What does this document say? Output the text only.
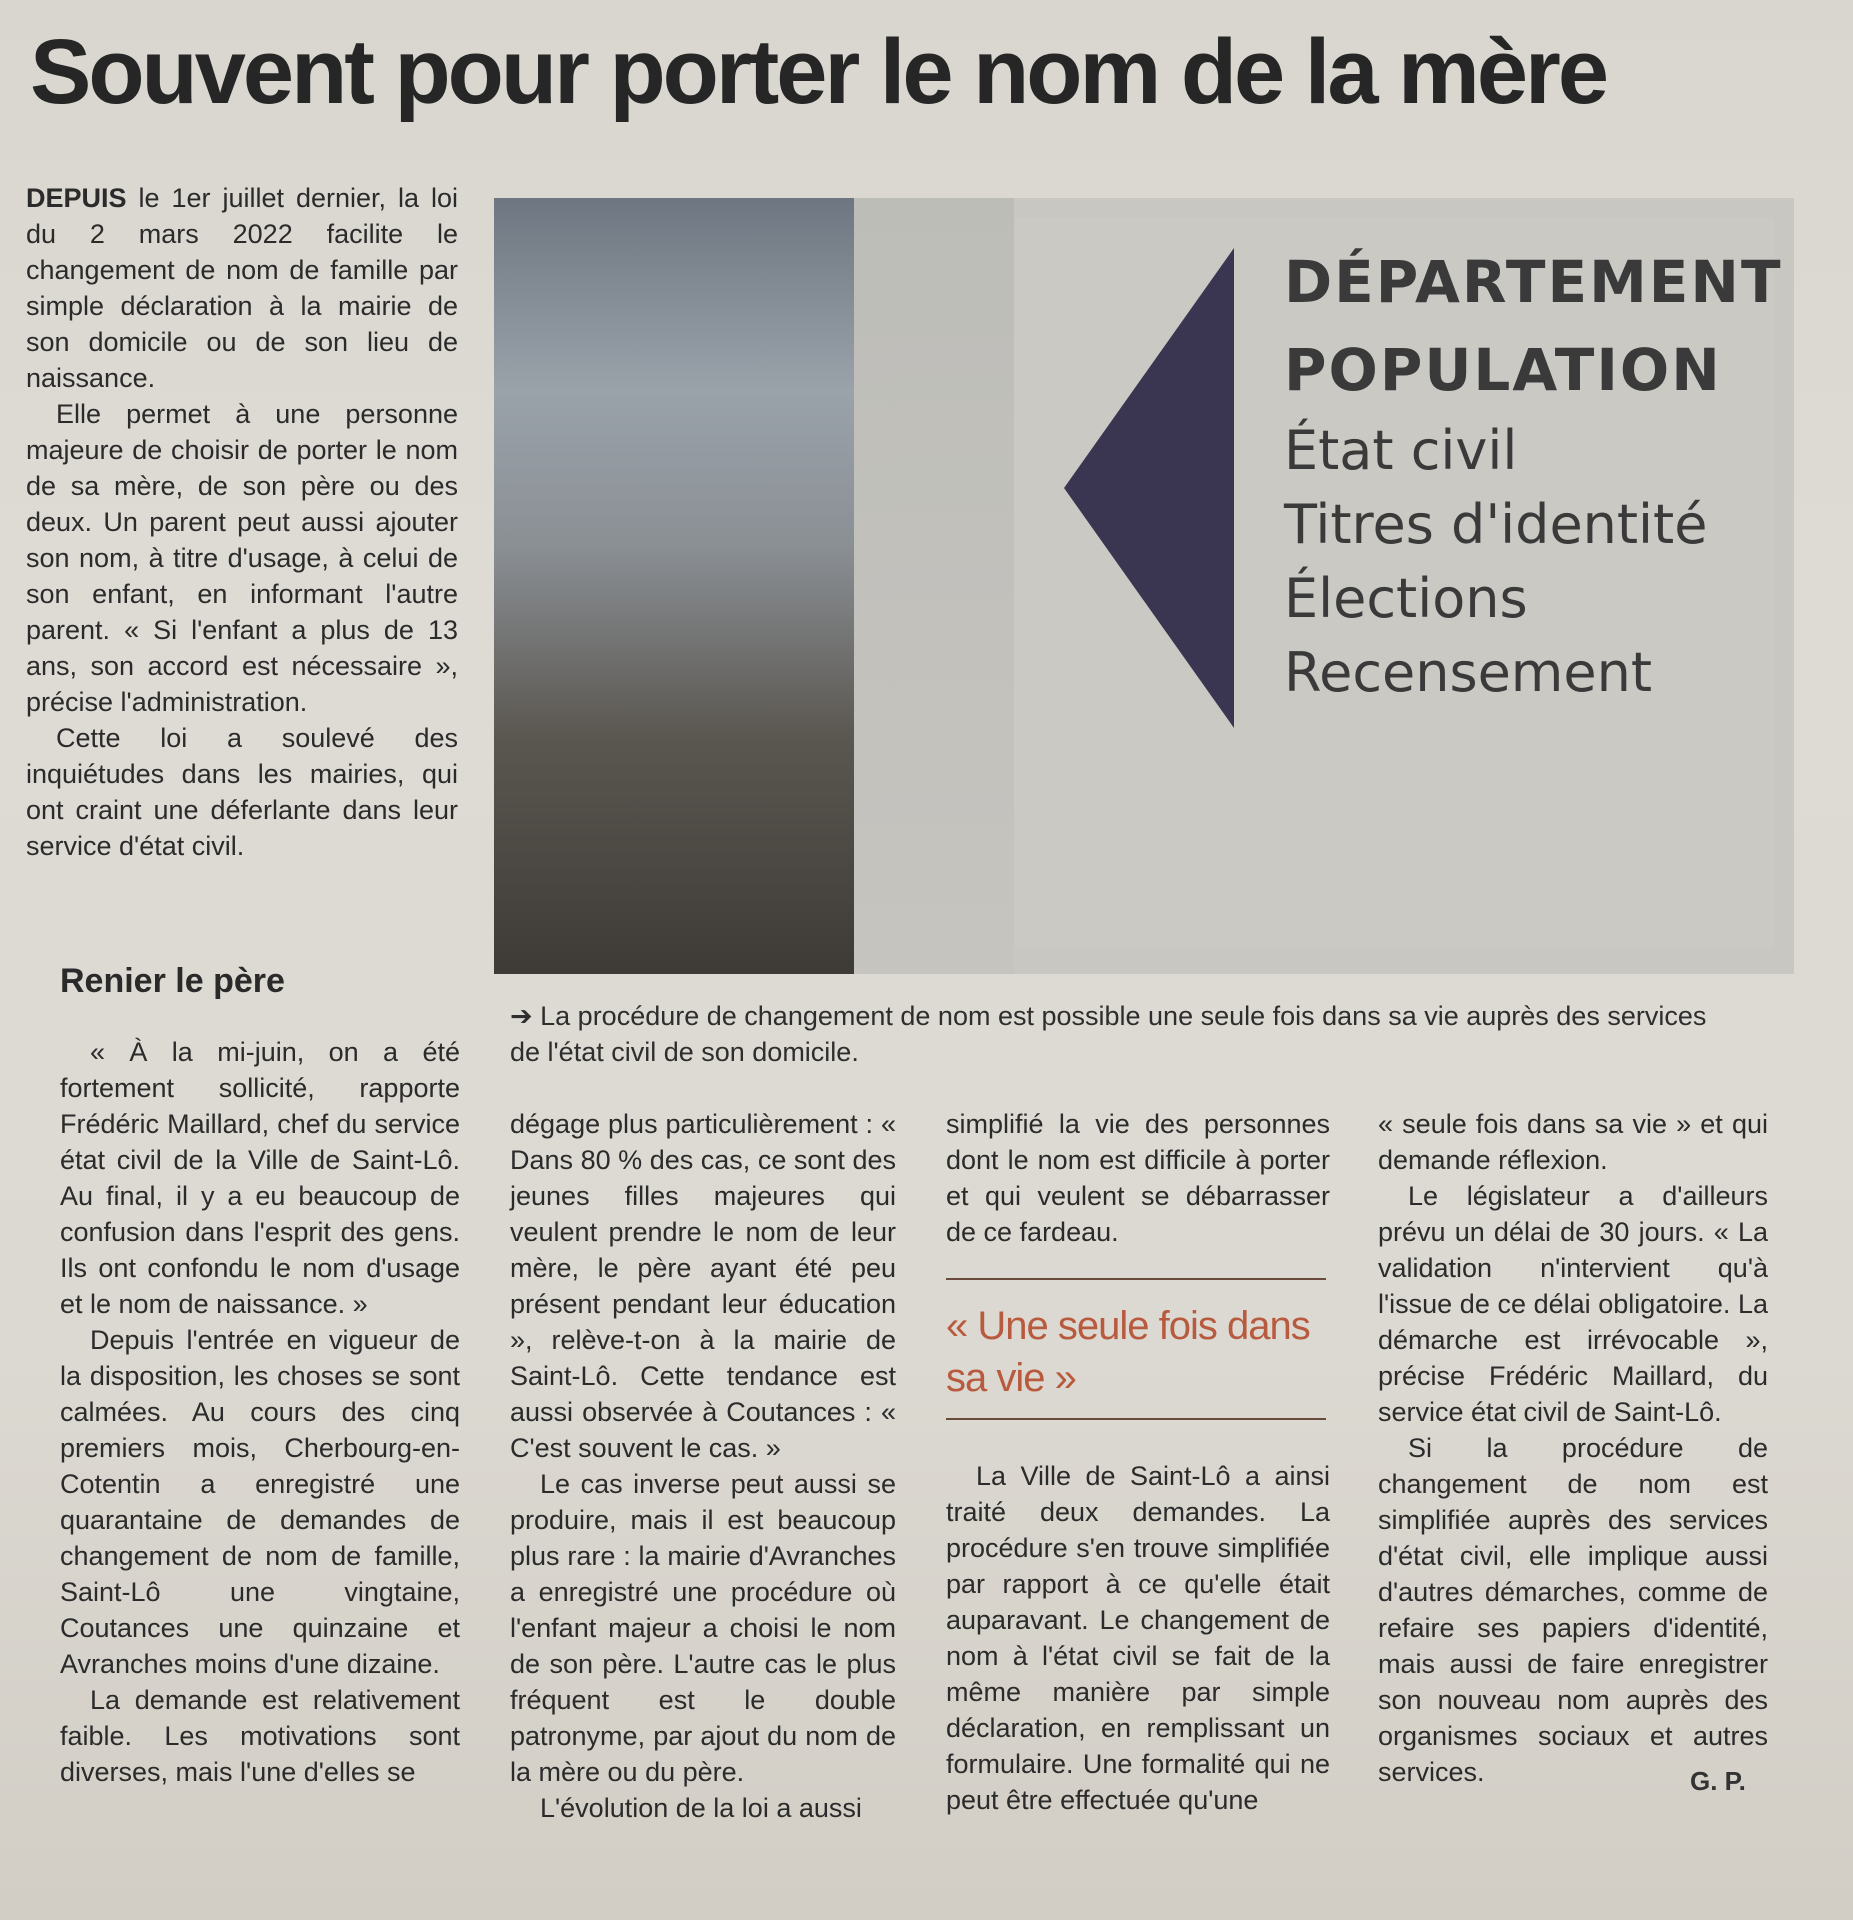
Souvent pour porter le nom de la mère

DEPUIS le 1er juillet dernier, la loi du 2 mars 2022 facilite le changement de nom de famille par simple déclaration à la mairie de son domicile ou de son lieu de naissance.

Elle permet à une personne majeure de choisir de porter le nom de sa mère, de son père ou des deux. Un parent peut aussi ajouter son nom, à titre d'usage, à celui de son enfant, en informant l'autre parent. « Si l'enfant a plus de 13 ans, son accord est nécessaire », précise l'administration.

Cette loi a soulevé des inquiétudes dans les mairies, qui ont craint une déferlante dans leur service d'état civil.

Renier le père

« À la mi-juin, on a été fortement sollicité, rapporte Frédéric Maillard, chef du service état civil de la Ville de Saint-Lô. Au final, il y a eu beaucoup de confusion dans l'esprit des gens. Ils ont confondu le nom d'usage et le nom de naissance. »

Depuis l'entrée en vigueur de la disposition, les choses se sont calmées. Au cours des cinq premiers mois, Cherbourg-en-Cotentin a enregistré une quarantaine de demandes de changement de nom de famille, Saint-Lô une vingtaine, Coutances une quinzaine et Avranches moins d'une dizaine.

La demande est relativement faible. Les motivations sont diverses, mais l'une d'elles se

DÉPARTEMENT
POPULATION
État civil
Titres d'identité
Élections
Recensement
➔ La procédure de changement de nom est possible une seule fois dans sa vie auprès des services de l'état civil de son domicile.

dégage plus particulièrement : « Dans 80 % des cas, ce sont des jeunes filles majeures qui veulent prendre le nom de leur mère, le père ayant été peu présent pendant leur éducation », relève-t-on à la mairie de Saint-Lô. Cette tendance est aussi observée à Coutances : « C'est souvent le cas. »

Le cas inverse peut aussi se produire, mais il est beaucoup plus rare : la mairie d'Avranches a enregistré une procédure où l'enfant majeur a choisi le nom de son père. L'autre cas le plus fréquent est le double patronyme, par ajout du nom de la mère ou du père.

L'évolution de la loi a aussi

simplifié la vie des personnes dont le nom est difficile à porter et qui veulent se débarrasser de ce fardeau.

« Une seule fois dans sa vie »

La Ville de Saint-Lô a ainsi traité deux demandes. La procédure s'en trouve simplifiée par rapport à ce qu'elle était auparavant. Le changement de nom à l'état civil se fait de la même manière par simple déclaration, en remplissant un formulaire. Une formalité qui ne peut être effectuée qu'une

« seule fois dans sa vie » et qui demande réflexion.

Le législateur a d'ailleurs prévu un délai de 30 jours. « La validation n'intervient qu'à l'issue de ce délai obligatoire. La démarche est irrévocable », précise Frédéric Maillard, du service état civil de Saint-Lô.

Si la procédure de changement de nom est simplifiée auprès des services d'état civil, elle implique aussi d'autres démarches, comme de refaire ses papiers d'identité, mais aussi de faire enregistrer son nouveau nom auprès des organismes sociaux et autres services.	G. P.
